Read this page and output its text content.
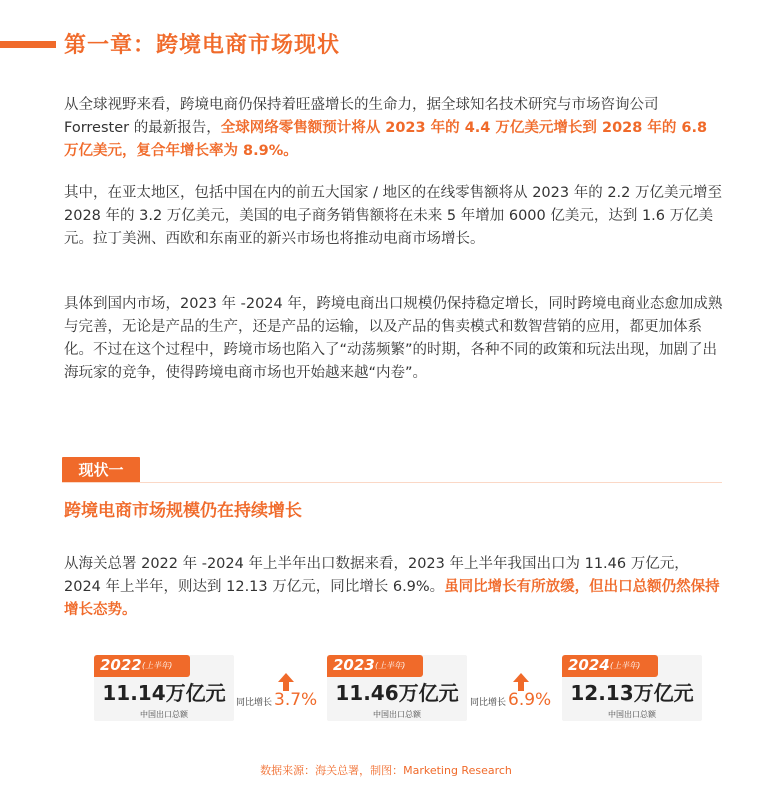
第一章：跨境电商市场现状
从全球视野来看，跨境电商仍保持着旺盛增长的生命力，据全球知名技术研究与市场咨询公司 Forrester 的最新报告，全球网络零售额预计将从 2023 年的 4.4 万亿美元增长到 2028 年的 6.8 万亿美元，复合年增长率为 8.9%。
其中，在亚太地区，包括中国在内的前五大国家 / 地区的在线零售额将从 2023 年的 2.2 万亿美元增至 2028 年的 3.2 万亿美元，美国的电子商务销售额将在未来 5 年增加 6000 亿美元，达到 1.6 万亿美元。拉丁美洲、西欧和东南亚的新兴市场也将推动电商市场增长。
具体到国内市场，2023 年 -2024 年，跨境电商出口规模仍保持稳定增长，同时跨境电商业态愈加成熟与完善，无论是产品的生产，还是产品的运输，以及产品的售卖模式和数智营销的应用，都更加体系化。不过在这个过程中，跨境市场也陷入了“动荡频繁”的时期，各种不同的政策和玩法出现，加剧了出海玩家的竞争，使得跨境电商市场也开始越来越“内卷”。
现状一
跨境电商市场规模仍在持续增长
从海关总署 2022 年 -2024 年上半年出口数据来看，2023 年上半年我国出口为 11.46 万亿元，2024 年上半年，则达到 12.13 万亿元，同比增长 6.9%。虽同比增长有所放缓，但出口总额仍然保持增长态势。
2022 (上半年)
11.14万亿元
中国出口总额
2023 (上半年)
11.46万亿元
中国出口总额
2024 (上半年)
12.13万亿元
中国出口总额
同比增长 3.7%	同比增长 6.9%
数据来源：海关总署，制图：Marketing Research
